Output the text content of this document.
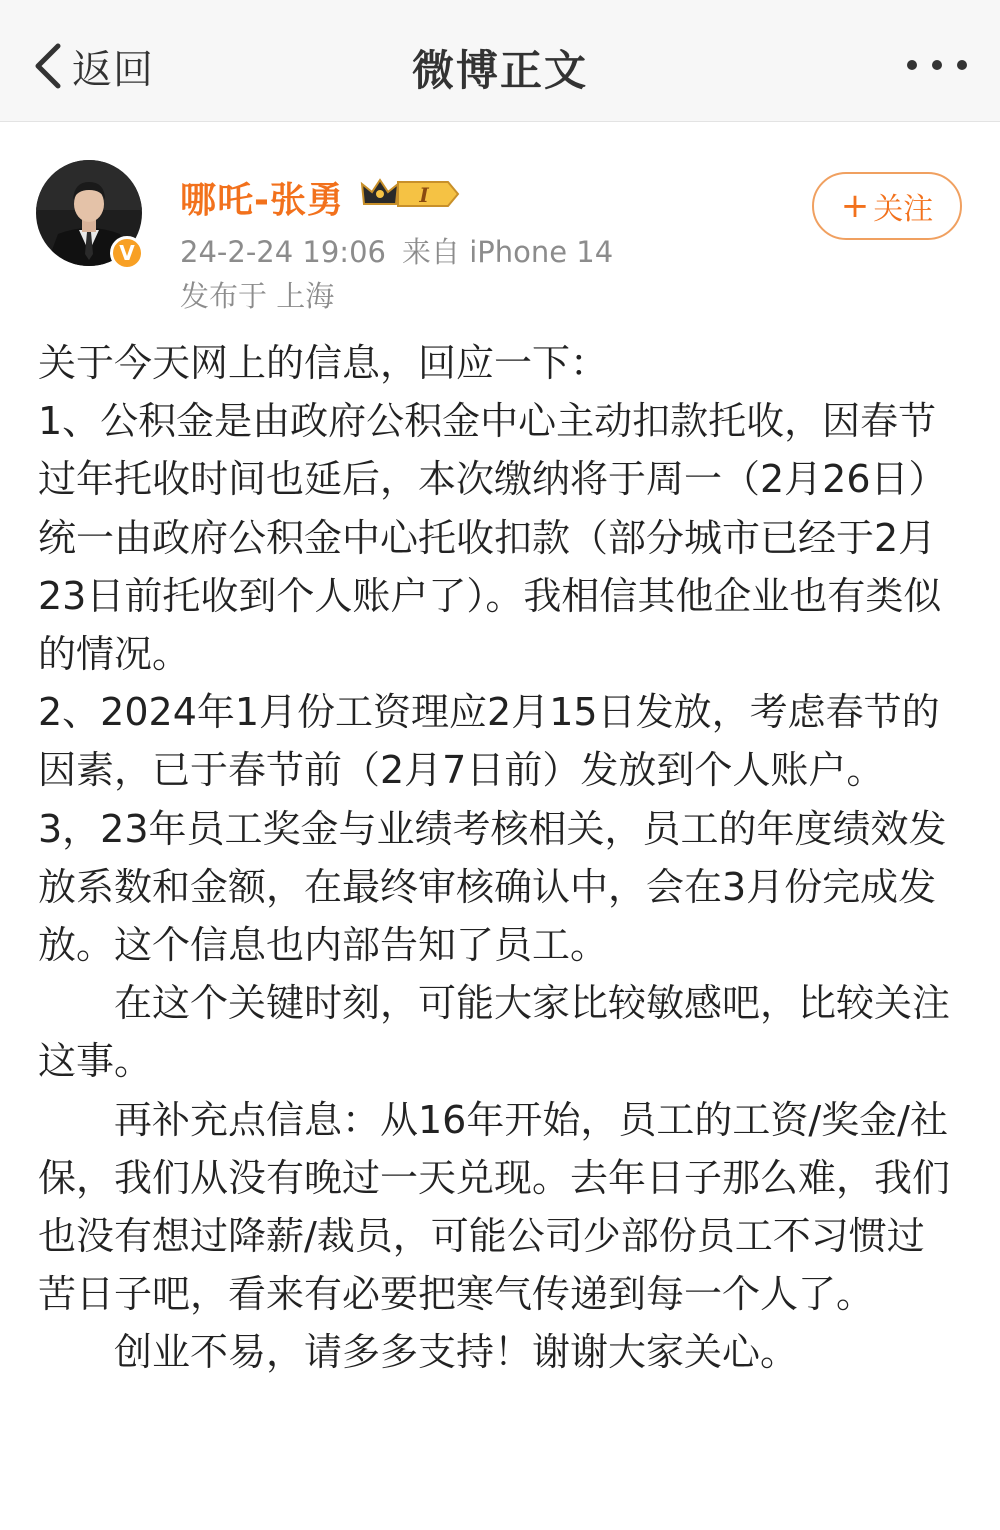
返回	微博正文
V
哪吒-张勇	I
24-2-24 19:06 来自 iPhone 14
发布于 上海
+ 关注

关于今天网上的信息，回应一下：

1、公积金是由政府公积金中心主动扣款托收，因春节过年托收时间也延后，本次缴纳将于周一（2月26日）统一由政府公积金中心托收扣款（部分城市已经于2月23日前托收到个人账户了）。我相信其他企业也有类似的情况。

2、2024年1月份工资理应2月15日发放，考虑春节的因素，已于春节前（2月7日前）发放到个人账户。

3，23年员工奖金与业绩考核相关，员工的年度绩效发放系数和金额，在最终审核确认中，会在3月份完成发放。这个信息也内部告知了员工。

在这个关键时刻，可能大家比较敏感吧，比较关注这事。

再补充点信息：从16年开始，员工的工资/奖金/社保，我们从没有晚过一天兑现。去年日子那么难，我们也没有想过降薪/裁员，可能公司少部份员工不习惯过苦日子吧，看来有必要把寒气传递到每一个人了。

创业不易，请多多支持！谢谢大家关心。
